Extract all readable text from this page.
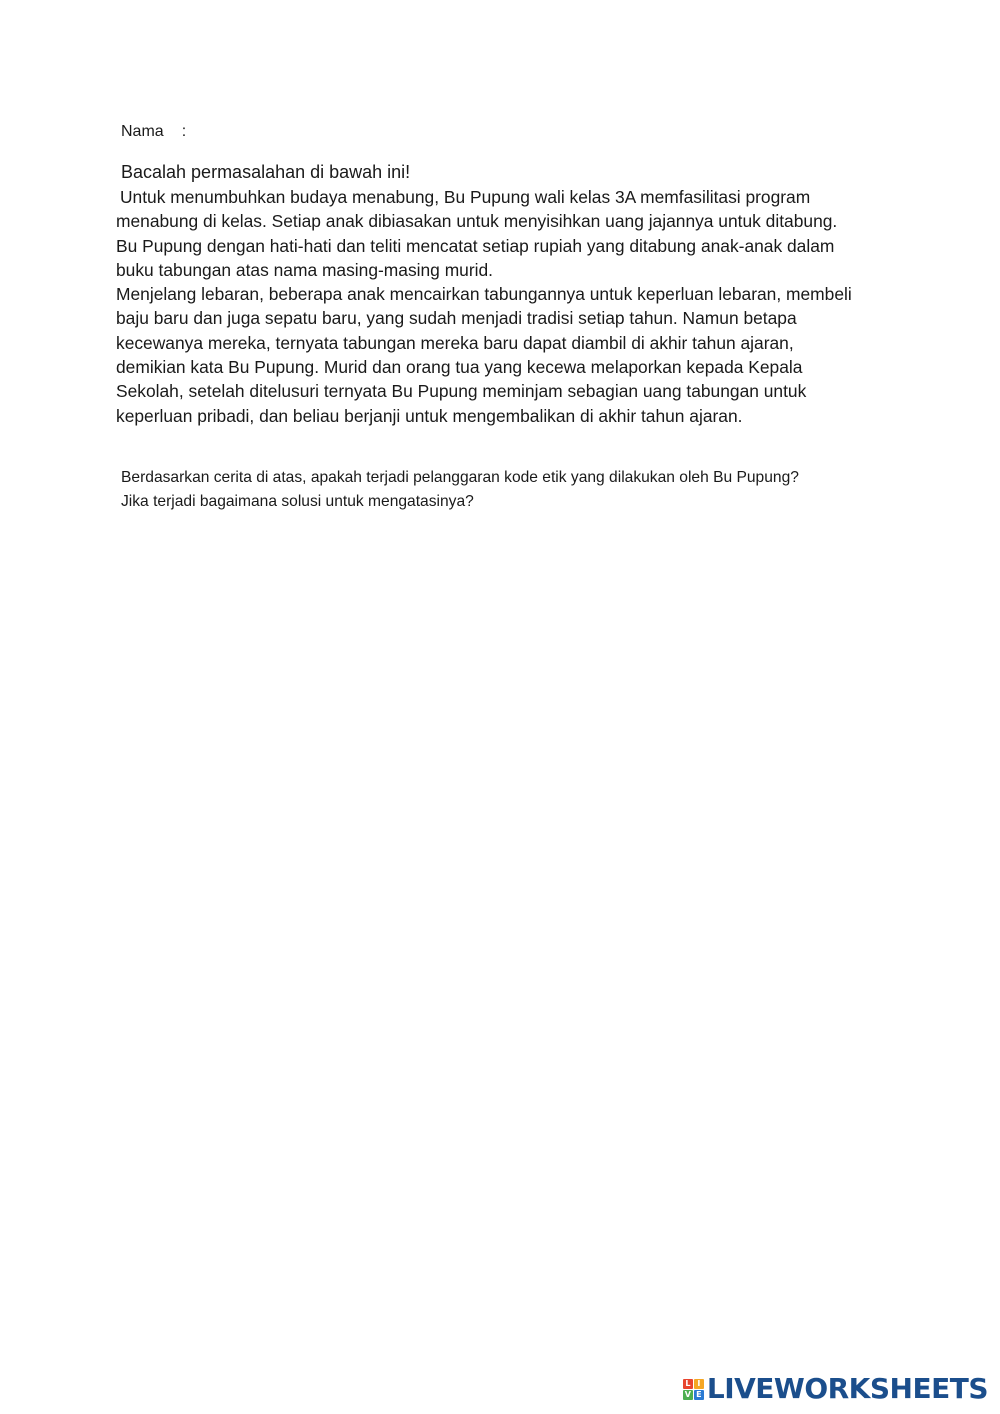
Nama :
Bacalah permasalahan di bawah ini!
Untuk menumbuhkan budaya menabung, Bu Pupung wali kelas 3A memfasilitasi program
menabung di kelas. Setiap anak dibiasakan untuk menyisihkan uang jajannya untuk ditabung.
Bu Pupung dengan hati-hati dan teliti mencatat setiap rupiah yang ditabung anak-anak dalam
buku tabungan atas nama masing-masing murid.
Menjelang lebaran, beberapa anak mencairkan tabungannya untuk keperluan lebaran, membeli
baju baru dan juga sepatu baru, yang sudah menjadi tradisi setiap tahun. Namun betapa
kecewanya mereka, ternyata tabungan mereka baru dapat diambil di akhir tahun ajaran,
demikian kata Bu Pupung. Murid dan orang tua yang kecewa melaporkan kepada Kepala
Sekolah, setelah ditelusuri ternyata Bu Pupung meminjam sebagian uang tabungan untuk
keperluan pribadi, dan beliau berjanji untuk mengembalikan di akhir tahun ajaran.
Berdasarkan cerita di atas, apakah terjadi pelanggaran kode etik yang dilakukan oleh Bu Pupung?
Jika terjadi bagaimana solusi untuk mengatasinya?
L I
V E LIVEWORKSHEETS
